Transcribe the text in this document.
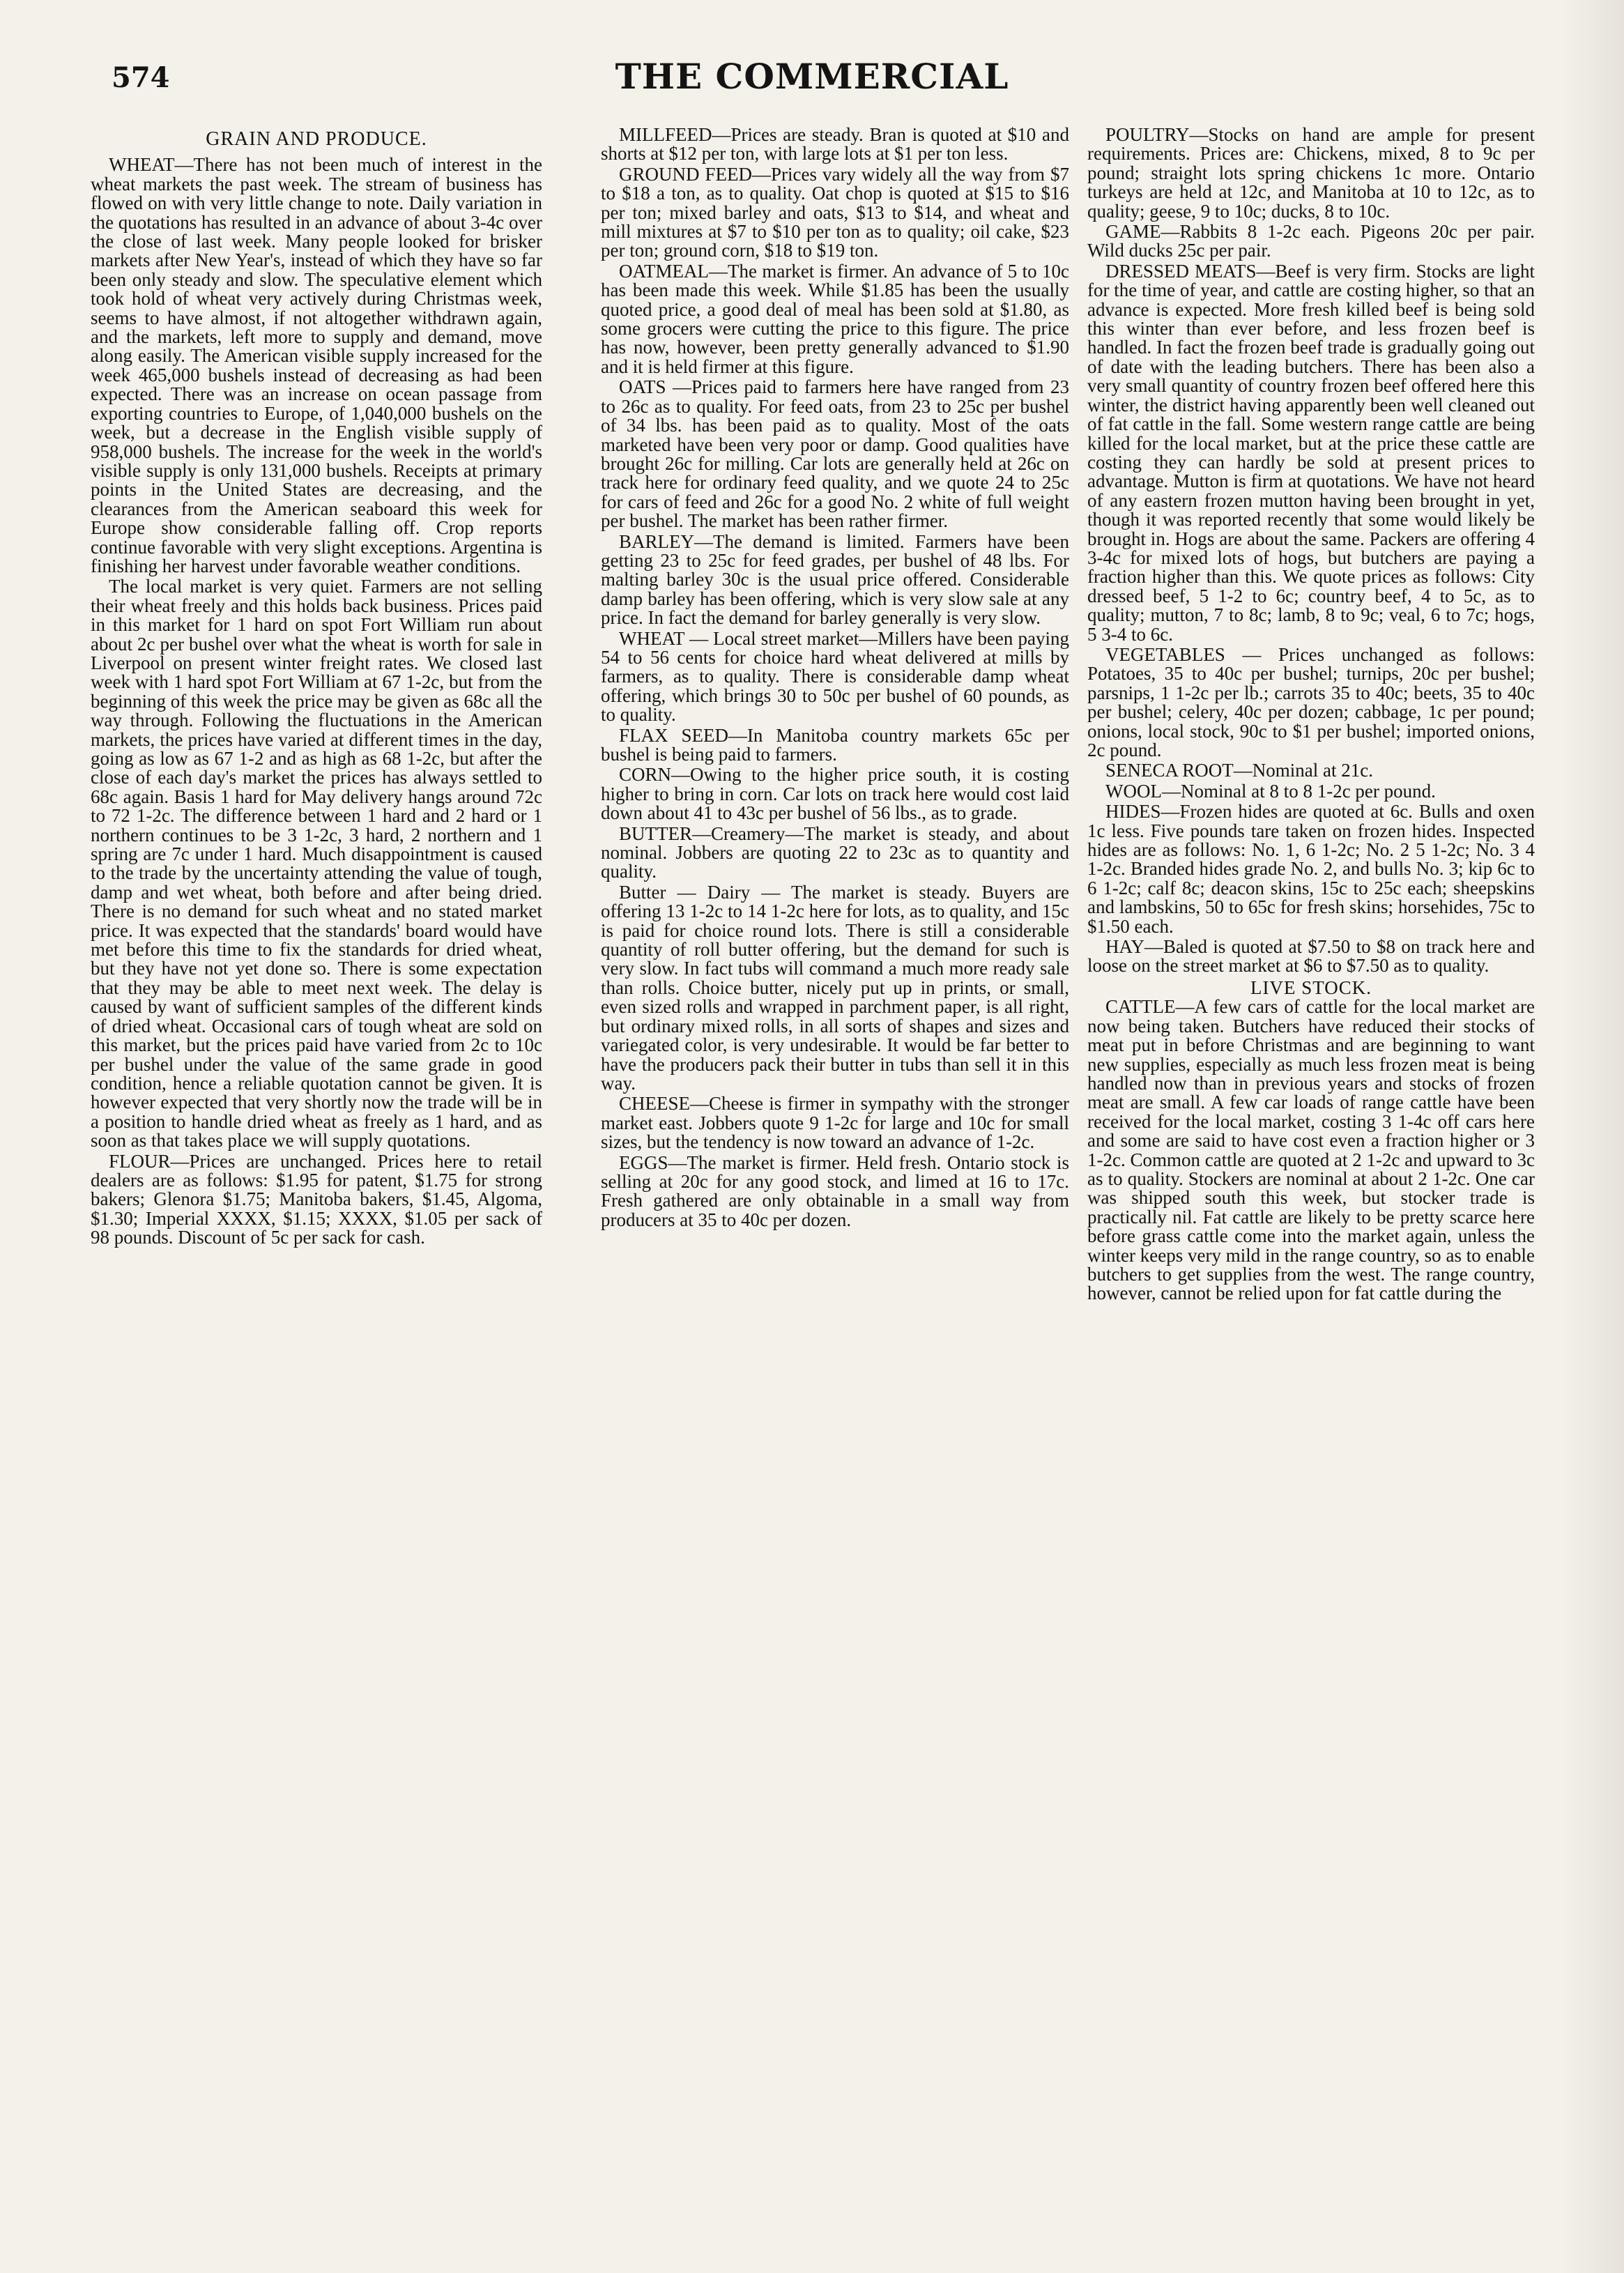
THE COMMERCIAL
574
GRAIN AND PRODUCE.

WHEAT—There has not been much of interest in the wheat markets the past week. The stream of business has flowed on with very little change to note. Daily variation in the quotations has resulted in an advance of about 3-4c over the close of last week. Many people looked for brisker markets after New Year's, instead of which they have so far been only steady and slow. The speculative element which took hold of wheat very actively during Christmas week, seems to have almost, if not altogether withdrawn again, and the markets, left more to supply and demand, move along easily. The American visible supply increased for the week 465,000 bushels instead of decreasing as had been expected. There was an increase on ocean passage from exporting countries to Europe, of 1,040,000 bushels on the week, but a decrease in the English visible supply of 958,000 bushels. The increase for the week in the world's visible supply is only 131,000 bushels. Receipts at primary points in the United States are decreasing, and the clearances from the American seaboard this week for Europe show considerable falling off. Crop reports continue favorable with very slight exceptions. Argentina is finishing her harvest under favorable weather conditions.

The local market is very quiet. Farmers are not selling their wheat freely and this holds back business. Prices paid in this market for 1 hard on spot Fort William run about about 2c per bushel over what the wheat is worth for sale in Liverpool on present winter freight rates. We closed last week with 1 hard spot Fort William at 67 1-2c, but from the beginning of this week the price may be given as 68c all the way through. Following the fluctuations in the American markets, the prices have varied at different times in the day, going as low as 67 1-2 and as high as 68 1-2c, but after the close of each day's market the prices has always settled to 68c again. Basis 1 hard for May delivery hangs around 72c to 72 1-2c. The difference between 1 hard and 2 hard or 1 northern continues to be 3 1-2c, 3 hard, 2 northern and 1 spring are 7c under 1 hard. Much disappointment is caused to the trade by the uncertainty attending the value of tough, damp and wet wheat, both before and after being dried. There is no demand for such wheat and no stated market price. It was expected that the standards' board would have met before this time to fix the standards for dried wheat, but they have not yet done so. There is some expectation that they may be able to meet next week. The delay is caused by want of sufficient samples of the different kinds of dried wheat. Occasional cars of tough wheat are sold on this market, but the prices paid have varied from 2c to 10c per bushel under the value of the same grade in good condition, hence a reliable quotation cannot be given. It is however expected that very shortly now the trade will be in a position to handle dried wheat as freely as 1 hard, and as soon as that takes place we will supply quotations.

FLOUR—Prices are unchanged. Prices here to retail dealers are as follows: $1.95 for patent, $1.75 for strong bakers; Glenora $1.75; Manitoba bakers, $1.45, Algoma, $1.30; Imperial XXXX, $1.15; XXXX, $1.05 per sack of 98 pounds. Discount of 5c per sack for cash.

MILLFEED—Prices are steady. Bran is quoted at $10 and shorts at $12 per ton, with large lots at $1 per ton less.

GROUND FEED—Prices vary widely all the way from $7 to $18 a ton, as to quality. Oat chop is quoted at $15 to $16 per ton; mixed barley and oats, $13 to $14, and wheat and mill mixtures at $7 to $10 per ton as to quality; oil cake, $23 per ton; ground corn, $18 to $19 ton.

OATMEAL—The market is firmer. An advance of 5 to 10c has been made this week. While $1.85 has been the usually quoted price, a good deal of meal has been sold at $1.80, as some grocers were cutting the price to this figure. The price has now, however, been pretty generally advanced to $1.90 and it is held firmer at this figure.

OATS —Prices paid to farmers here have ranged from 23 to 26c as to quality. For feed oats, from 23 to 25c per bushel of 34 lbs. has been paid as to quality. Most of the oats marketed have been very poor or damp. Good qualities have brought 26c for milling. Car lots are generally held at 26c on track here for ordinary feed quality, and we quote 24 to 25c for cars of feed and 26c for a good No. 2 white of full weight per bushel. The market has been rather firmer.

BARLEY—The demand is limited. Farmers have been getting 23 to 25c for feed grades, per bushel of 48 lbs. For malting barley 30c is the usual price offered. Considerable damp barley has been offering, which is very slow sale at any price. In fact the demand for barley generally is very slow.

WHEAT — Local street market—Millers have been paying 54 to 56 cents for choice hard wheat delivered at mills by farmers, as to quality. There is considerable damp wheat offering, which brings 30 to 50c per bushel of 60 pounds, as to quality.

FLAX SEED—In Manitoba country markets 65c per bushel is being paid to farmers.

CORN—Owing to the higher price south, it is costing higher to bring in corn. Car lots on track here would cost laid down about 41 to 43c per bushel of 56 lbs., as to grade.

BUTTER—Creamery—The market is steady, and about nominal. Jobbers are quoting 22 to 23c as to quantity and quality.

Butter — Dairy — The market is steady. Buyers are offering 13 1-2c to 14 1-2c here for lots, as to quality, and 15c is paid for choice round lots. There is still a considerable quantity of roll butter offering, but the demand for such is very slow. In fact tubs will command a much more ready sale than rolls. Choice butter, nicely put up in prints, or small, even sized rolls and wrapped in parchment paper, is all right, but ordinary mixed rolls, in all sorts of shapes and sizes and variegated color, is very undesirable. It would be far better to have the producers pack their butter in tubs than sell it in this way.

CHEESE—Cheese is firmer in sympathy with the stronger market east. Jobbers quote 9 1-2c for large and 10c for small sizes, but the tendency is now toward an advance of 1-2c.

EGGS—The market is firmer. Held fresh. Ontario stock is selling at 20c for any good stock, and limed at 16 to 17c. Fresh gathered are only obtainable in a small way from producers at 35 to 40c per dozen.

POULTRY—Stocks on hand are ample for present requirements. Prices are: Chickens, mixed, 8 to 9c per pound; straight lots spring chickens 1c more. Ontario turkeys are held at 12c, and Manitoba at 10 to 12c, as to quality; geese, 9 to 10c; ducks, 8 to 10c.

GAME—Rabbits 8 1-2c each. Pigeons 20c per pair. Wild ducks 25c per pair.

DRESSED MEATS—Beef is very firm. Stocks are light for the time of year, and cattle are costing higher, so that an advance is expected. More fresh killed beef is being sold this winter than ever before, and less frozen beef is handled. In fact the frozen beef trade is gradually going out of date with the leading butchers. There has been also a very small quantity of country frozen beef offered here this winter, the district having apparently been well cleaned out of fat cattle in the fall. Some western range cattle are being killed for the local market, but at the price these cattle are costing they can hardly be sold at present prices to advantage. Mutton is firm at quotations. We have not heard of any eastern frozen mutton having been brought in yet, though it was reported recently that some would likely be brought in. Hogs are about the same. Packers are offering 4 3-4c for mixed lots of hogs, but butchers are paying a fraction higher than this. We quote prices as follows: City dressed beef, 5 1-2 to 6c; country beef, 4 to 5c, as to quality; mutton, 7 to 8c; lamb, 8 to 9c; veal, 6 to 7c; hogs, 5 3-4 to 6c.

VEGETABLES — Prices unchanged as follows: Potatoes, 35 to 40c per bushel; turnips, 20c per bushel; parsnips, 1 1-2c per lb.; carrots 35 to 40c; beets, 35 to 40c per bushel; celery, 40c per dozen; cabbage, 1c per pound; onions, local stock, 90c to $1 per bushel; imported onions, 2c pound.

SENECA ROOT—Nominal at 21c.

WOOL—Nominal at 8 to 8 1-2c per pound.

HIDES—Frozen hides are quoted at 6c. Bulls and oxen 1c less. Five pounds tare taken on frozen hides. Inspected hides are as follows: No. 1, 6 1-2c; No. 2 5 1-2c; No. 3 4 1-2c. Branded hides grade No. 2, and bulls No. 3; kip 6c to 6 1-2c; calf 8c; deacon skins, 15c to 25c each; sheepskins and lambskins, 50 to 65c for fresh skins; horsehides, 75c to $1.50 each.

HAY—Baled is quoted at $7.50 to $8 on track here and loose on the street market at $6 to $7.50 as to quality.

LIVE STOCK.

CATTLE—A few cars of cattle for the local market are now being taken. Butchers have reduced their stocks of meat put in before Christmas and are beginning to want new supplies, especially as much less frozen meat is being handled now than in previous years and stocks of frozen meat are small. A few car loads of range cattle have been received for the local market, costing 3 1-4c off cars here and some are said to have cost even a fraction higher or 3 1-2c. Common cattle are quoted at 2 1-2c and upward to 3c as to quality. Stockers are nominal at about 2 1-2c. One car was shipped south this week, but stocker trade is practically nil. Fat cattle are likely to be pretty scarce here before grass cattle come into the market again, unless the winter keeps very mild in the range country, so as to enable butchers to get supplies from the west. The range country, however, cannot be relied upon for fat cattle during the
